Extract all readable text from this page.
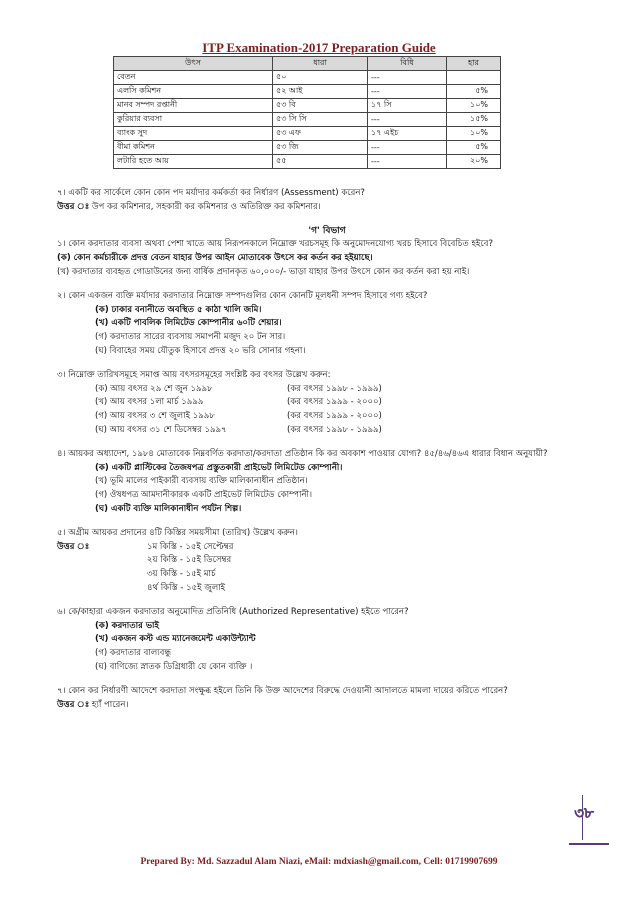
ITP Examination-2017 Preparation Guide
উৎস	ধারা	বিধি	হার
বেতন	৫০	---	
এলসি কমিশন	৫২ আই	---	৫%
মানব সম্পদ রপ্তানী	৫৩ বি	১৭ সি	১০%
কুরিয়ার ব্যবসা	৫৩ সি সি	---	১৫%
ব্যাংক সুদ	৫৩ এফ	১৭ এইচ	১০%
বীমা কমিশন	৫৩ জি	---	৫%
লটারি হতে আয়	৫৫	---	২০%

৭। একটি কর সার্কেলে কোন কোন পদ মর্যাদার কর্মকর্তা কর নির্ধারণ (Assessment) করেন?

উত্তর ঃ উপ কর কমিশনার, সহকারী কর কমিশনার ও অতিরিক্ত কর কমিশনার।

'গ' বিভাগ

১। কোন করদাতার ব্যবসা অথবা পেশা খাতে আয় নিরূপনকালে নিম্নোক্ত খরচসমূহ কি অনুমোদনযোগ্য খরচ হিসাবে বিবেচিত হইবে?

(ক) কোন কর্মচারীকে প্রদত্ত বেতন যাহার উপর আইন মোতাবেক উৎসে কর কর্তন কর হইয়াছে।

(খ) করদাতার ব্যবহৃত গোডাউনের জন্য বার্ষিক প্রদানকৃত ৬০,০০০/- ভাড়া যাহার উপর উৎসে কোন কর কর্তন করা হয় নাই।

২। কোন একজন ব্যক্তি মর্যাদার করদাতার নিম্নোক্ত সম্পদগুলির কোন কোনটি মূলধনী সম্পদ হিসাবে গণ্য হইবে?

(ক) ঢাকার বনানীতে অবস্থিত ৫ কাঠা খালি জমি।

(খ) একটি পাবলিক লিমিটেড কোম্পানীর ৬০টি শেয়ার।

(গ) করদাতার সারের ব্যবসায় সমাপনী মজুদ ২০ টন সার।

(ঘ) বিবাহের সময় যৌতুক হিসাবে প্রদত্ত ২০ ভরি সোনার গহনা।

৩। নিম্নোক্ত তারিখসমূহে সমাপ্ত আয় বৎসরসমূহের সংশ্লিষ্ট কর বৎসর উল্লেখ করুন:

(ক) আয় বৎসর ২৯ শে জুন ১৯৯৮	(কর বৎসর ১৯৯৮ - ১৯৯৯)
(খ) আয় বৎসর ১লা মার্চ ১৯৯৯	(কর বৎসর ১৯৯৯ - ২০০০)
(গ) আয় বৎসর ৩ শে জুলাই ১৯৯৮	(কর বৎসর ১৯৯৯ - ২০০০)
(ঘ) আয় বৎসর ৩১ শে ডিসেম্বর ১৯৯৭	(কর বৎসর ১৯৯৮ - ১৯৯৯)

৪। আয়কর অধ্যাদেশ, ১৯৮৪ মোতাবেক নিম্নবর্ণিত করদাতা/করদাতা প্রতিষ্ঠান কি কর অবকাশ পাওয়ার যোগ্য? ৪৫/৪৬/৪৬এ ধারার বিধান অনুযায়ী?

(ক) একটি প্লাস্টিকের তৈজষপত্র প্রস্তুতকারী প্রাইভেট লিমিটেড কোম্পানী।

(খ) ভূমি মালের পাইকারী ব্যবসায় ব্যক্তি মালিকানাধীন প্রতিষ্ঠান।

(গ) ঔষধপত্র আমদানীকারক একটি প্রাইভেট লিমিটেড কোম্পানী।

(ঘ) একটি ব্যক্তি মালিকানাধীন পর্যটন শিল্প।

৫। অগ্রীম আয়কর প্রদানের ৪টি কিস্তির সময়সীমা (তারিখ) উল্লেখ করুন।

উত্তর ঃ	১ম কিস্তি - ১৫ই সেপ্টেম্বর

২য় কিস্তি - ১৫ই ডিসেম্বর

৩য় কিস্তি - ১৫ই মার্চ

৪র্থ কিস্তি - ১৫ই জুলাই

৬। কে/কাহারা একজন করদাতার অনুমোদিত প্রতিনিধি (Authorized Representative) হইতে পারেন?

(ক) করদাতার ভাই

(খ) একজন কস্ট এন্ড ম্যানেজমেন্ট একাউন্ট্যান্ট

(গ) করদাতার বাল্যবন্ধু

(ঘ) বাণিজ্যে স্নাতক ডিগ্রিধারী যে কোন ব্যক্তি ।

৭। কোন কর নির্ধারণী আদেশে করদাতা সংক্ষুব্ধ হইলে তিনি কি উক্ত আদেশের বিরুদ্ধে দেওয়ানী আদালতে মামলা দায়ের করিতে পারেন?

উত্তর ঃ হ্যাঁ পারেন।

৩৮
Prepared By: Md. Sazzadul Alam Niazi, eMail: mdxiash@gmail.com, Cell: 01719907699
